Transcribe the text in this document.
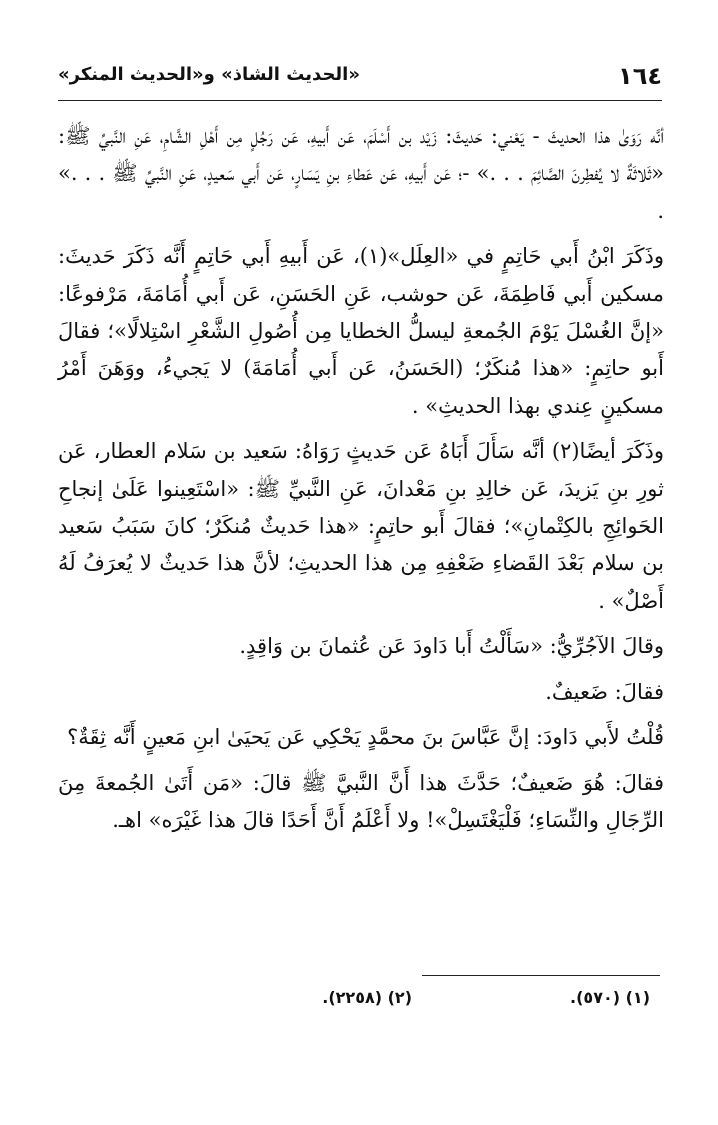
١٦٤
«الحديث الشاذ» و«الحديث المنكر»

أنَّه رَوَىٰ هذا الحديثَ - يَعْني: حَديثَ: زَيْد بن أَسْلَمَ، عَن أَبيهِ، عَن رَجُلٍ مِن أَهْلِ الشَّامِ، عَنِ النَّبيِّ ﷺ: «ثَلاثَةٌ لا يُفطِرنَ الصَّائِمَ . . .» -؛ عَن أَبيهِ، عَن عَطاءِ بنِ يَسَارٍ، عَن أَبي سَعيدٍ، عَنِ النَّبيِّ ﷺ . . .» .

وذَكَرَ ابْنُ أَبي حَاتِمٍ في «العِلَل»(١)، عَن أَبيهِ أَبي حَاتِمٍ أَنَّه ذَكَرَ حَديثَ: مسكين أَبي فَاطِمَةَ، عَن حوشب، عَنِ الحَسَنِ، عَن أَبي أُمَامَةَ، مَرْفوعًا: «إنَّ الغُسْلَ يَوْمَ الجُمعةِ ليسلُّ الخطايا مِن أُصُولِ الشَّعْرِ اسْتِلالًا»؛ فقالَ أَبو حاتِمٍ: «هذا مُنكَرٌ؛ (الحَسَنُ، عَن أَبي أُمَامَةَ) لا يَجيءُ، ووَهَنَ أَمْرُ مسكينٍ عِندي بهذا الحديثِ» .

وذَكَرَ أيضًا(٢) أنَّه سَأَلَ أَبَاهُ عَن حَديثٍ رَوَاهُ: سَعيد بن سَلام العطار، عَن ثورِ بنِ يَزيدَ، عَن خالِدِ بنِ مَعْدانَ، عَنِ النَّبيِّ ﷺ: «اسْتَعِينوا عَلَىٰ إنجاحِ الحَوائِجِ بالكِتْمانِ»؛ فقالَ أَبو حاتِمٍ: «هذا حَديثٌ مُنكَرٌ؛ كانَ سَبَبُ سَعيد بن سلام بَعْدَ القَضاءِ ضَعْفِهِ مِن هذا الحديثِ؛ لأنَّ هذا حَديثٌ لا يُعرَفُ لَهُ أَصْلٌ» .

وقالَ الآجُرِّيُّ: «سَأَلْتُ أَبا دَاودَ عَن عُثمانَ بن وَاقِدٍ.

فقالَ: ضَعيفٌ.

قُلْتُ لأَبي دَاودَ: إنَّ عَبَّاسَ بنَ محمَّدٍ يَحْكِي عَن يَحيَىٰ ابنِ مَعينٍ أَنَّه ثِقَةٌ؟

فقالَ: هُوَ ضَعيفٌ؛ حَدَّثَ هذا أَنَّ النَّبيَّ ﷺ قالَ: «مَن أَتَىٰ الجُمعةَ مِنَ الرِّجَالِ والنِّسَاءِ؛ فَلْيَغْتَسِلْ»! ولا أَعْلَمُ أَنَّ أَحَدًا قالَ هذا غَيْرَه» اهـ.

(١) (٥٧٠).
(٢) (٢٢٥٨).
